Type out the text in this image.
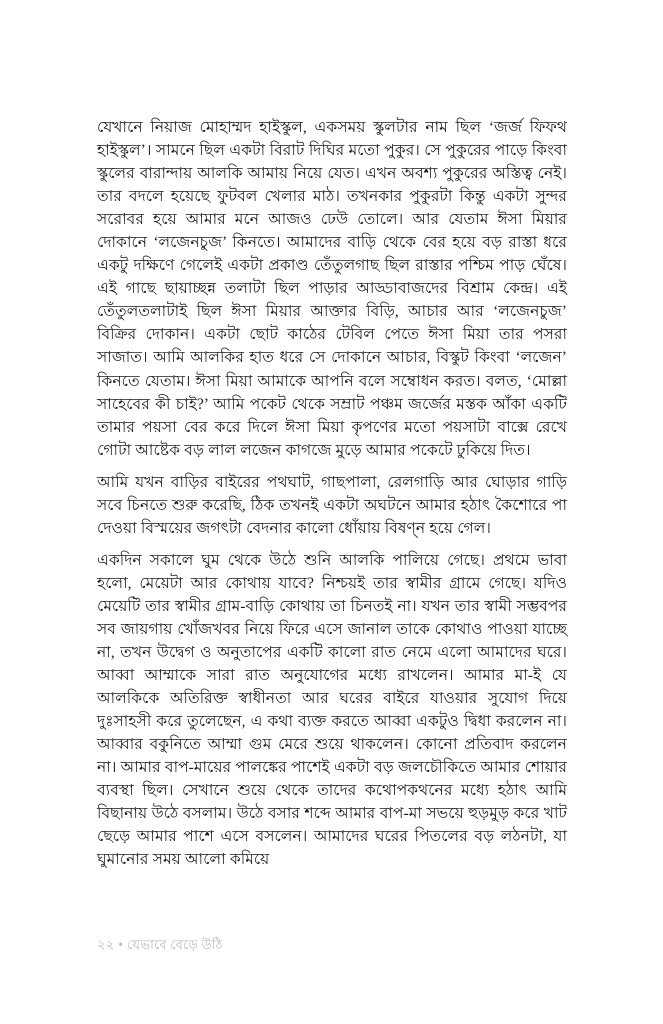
যেখানে নিয়াজ মোহাম্মদ হাইস্কুল, একসময় স্কুলটার নাম ছিল ‘জর্জ ফিফথ হাইস্কুল’। সামনে ছিল একটা বিরাট দিঘির মতো পুকুর। সে পুকুরের পাড়ে কিংবা স্কুলের বারান্দায় আলকি আমায় নিয়ে যেত। এখন অবশ্য পুকুরের অস্তিত্ব নেই। তার বদলে হয়েছে ফুটবল খেলার মাঠ। তখনকার পুকুরটা কিন্তু একটা সুন্দর সরোবর হয়ে আমার মনে আজও ঢেউ তোলে। আর যেতাম ঈসা মিয়ার দোকানে ‘লজেনচুজ’ কিনতে। আমাদের বাড়ি থেকে বের হয়ে বড় রাস্তা ধরে একটু দক্ষিণে গেলেই একটা প্রকাণ্ড তেঁতুলগাছ ছিল রাস্তার পশ্চিম পাড় ঘেঁষে। এই গাছে ছায়াচ্ছন্ন তলাটা ছিল পাড়ার আড্ডাবাজদের বিশ্রাম কেন্দ্র। এই তেঁতুলতলাটাই ছিল ঈসা মিয়ার আক্তার বিড়ি, আচার আর ‘লজেনচুজ’ বিক্রির দোকান। একটা ছোট কাঠের টেবিল পেতে ঈসা মিয়া তার পসরা সাজাত। আমি আলকির হাত ধরে সে দোকানে আচার, বিস্কুট কিংবা ‘লজেন’ কিনতে যেতাম। ঈসা মিয়া আমাকে আপনি বলে সম্বোধন করত। বলত, ‘মোল্লা সাহেবের কী চাই?’ আমি পকেট থেকে সম্রাট পঞ্চম জর্জের মস্তক আঁকা একটি তামার পয়সা বের করে দিলে ঈসা মিয়া কৃপণের মতো পয়সাটা বাক্সে রেখে গোটা আষ্টেক বড় লাল লজেন কাগজে মুড়ে আমার পকেটে ঢুকিয়ে দিত।

আমি যখন বাড়ির বাইরের পথঘাট, গাছপালা, রেলগাড়ি আর ঘোড়ার গাড়ি সবে চিনতে শুরু করেছি, ঠিক তখনই একটা অঘটনে আমার হঠাৎ কৈশোরে পা দেওয়া বিস্ময়ের জগৎটা বেদনার কালো ধোঁয়ায় বিষণ্ন হয়ে গেল।

একদিন সকালে ঘুম থেকে উঠে শুনি আলকি পালিয়ে গেছে। প্রথমে ভাবা হলো, মেয়েটা আর কোথায় যাবে? নিশ্চয়ই তার স্বামীর গ্রামে গেছে। যদিও মেয়েটি তার স্বামীর গ্রাম-বাড়ি কোথায় তা চিনতই না। যখন তার স্বামী সম্ভবপর সব জায়গায় খোঁজখবর নিয়ে ফিরে এসে জানাল তাকে কোথাও পাওয়া যাচ্ছে না, তখন উদ্বেগ ও অনুতাপের একটি কালো রাত নেমে এলো আমাদের ঘরে। আব্বা আম্মাকে সারা রাত অনুযোগের মধ্যে রাখলেন। আমার মা-ই যে আলকিকে অতিরিক্ত স্বাধীনতা আর ঘরের বাইরে যাওয়ার সুযোগ দিয়ে দুঃসাহসী করে তুলেছেন, এ কথা ব্যক্ত করতে আব্বা একটুও দ্বিধা করলেন না। আব্বার বকুনিতে আম্মা গুম মেরে শুয়ে থাকলেন। কোনো প্রতিবাদ করলেন না। আমার বাপ-মায়ের পালঙ্কের পাশেই একটা বড় জলচৌকিতে আমার শোয়ার ব্যবস্থা ছিল। সেখানে শুয়ে থেকে তাদের কথোপকথনের মধ্যে হঠাৎ আমি বিছানায় উঠে বসলাম। উঠে বসার শব্দে আমার বাপ-মা সভয়ে হুড়মুড় করে খাট ছেড়ে আমার পাশে এসে বসলেন। আমাদের ঘরের পিতলের বড় লঠনটা, যা ঘুমানোর সময় আলো কমিয়ে

২২ • যেভাবে বেড়ে উঠি
